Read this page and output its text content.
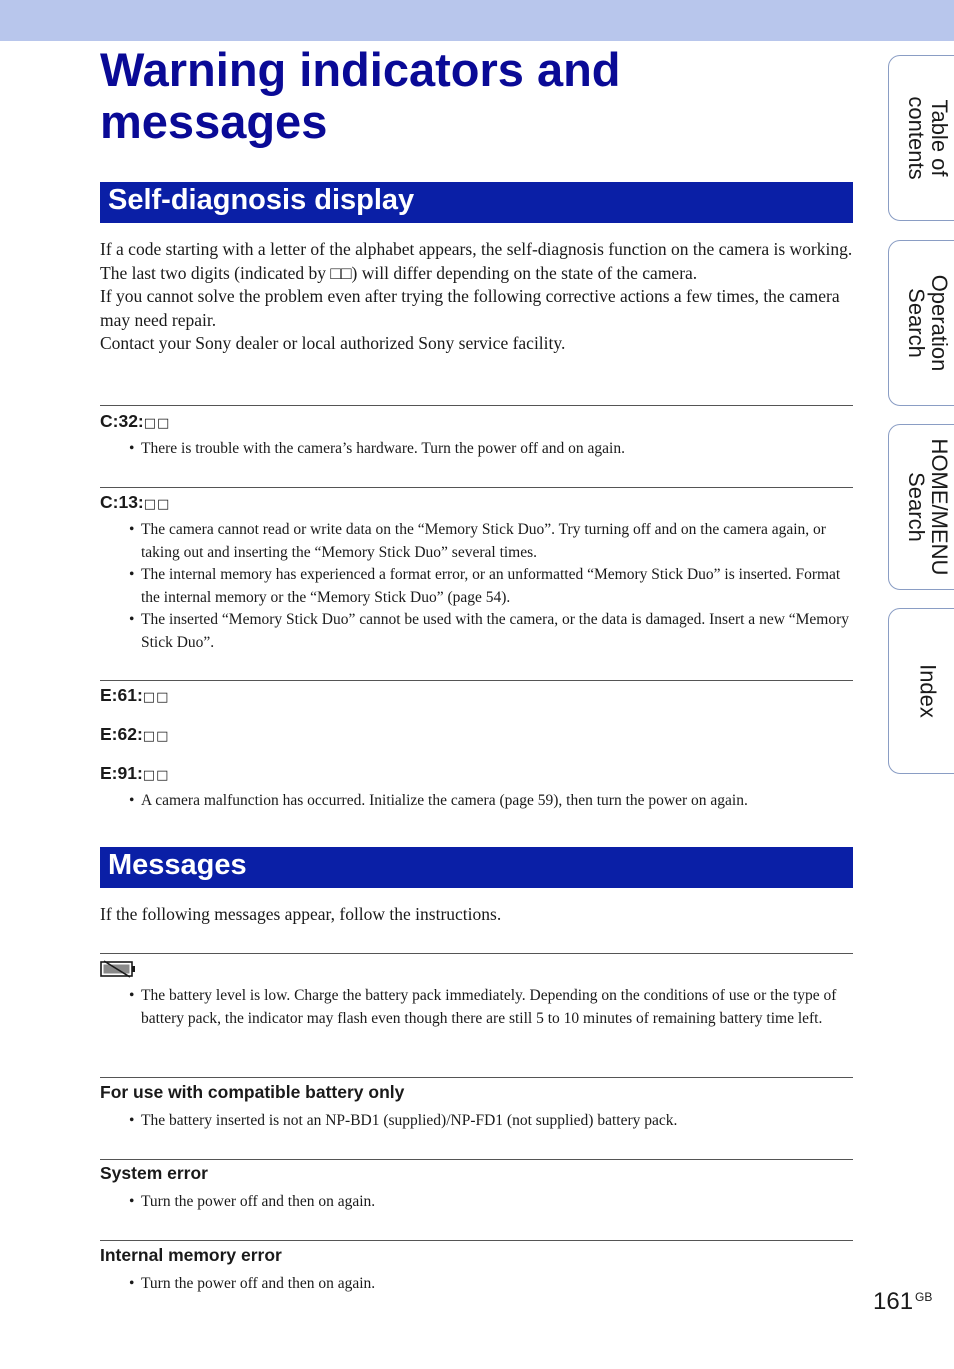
Warning indicators and
messages	Table of
contents
Operation
Search
HOME/MENU
Search
Index
Self-diagnosis display

If a code starting with a letter of the alphabet appears, the self-diagnosis function on the camera is working. The last two digits (indicated by □□) will differ depending on the state of the camera.
If you cannot solve the problem even after trying the following corrective actions a few times, the camera may need repair.
Contact your Sony dealer or local authorized Sony service facility.

C:32:□□

• There is trouble with the camera’s hardware. Turn the power off and on again.

C:13:□□

• The camera cannot read or write data on the “Memory Stick Duo”. Try turning off and on the camera again, or taking out and inserting the “Memory Stick Duo” several times.
• The internal memory has experienced a format error, or an unformatted “Memory Stick Duo” is inserted. Format the internal memory or the “Memory Stick Duo” (page 54).
• The inserted “Memory Stick Duo” cannot be used with the camera, or the data is damaged. Insert a new “Memory Stick Duo”.

E:61:□□

E:62:□□

E:91:□□

• A camera malfunction has occurred. Initialize the camera (page 59), then turn the power on again.
Messages

If the following messages appear, follow the instructions.

• The battery level is low. Charge the battery pack immediately. Depending on the conditions of use or the type of battery pack, the indicator may flash even though there are still 5 to 10 minutes of remaining battery time left.

For use with compatible battery only

• The battery inserted is not an NP-BD1 (supplied)/NP-FD1 (not supplied) battery pack.

System error

• Turn the power off and then on again.

Internal memory error

• Turn the power off and then on again.
161 $^{GB}$
